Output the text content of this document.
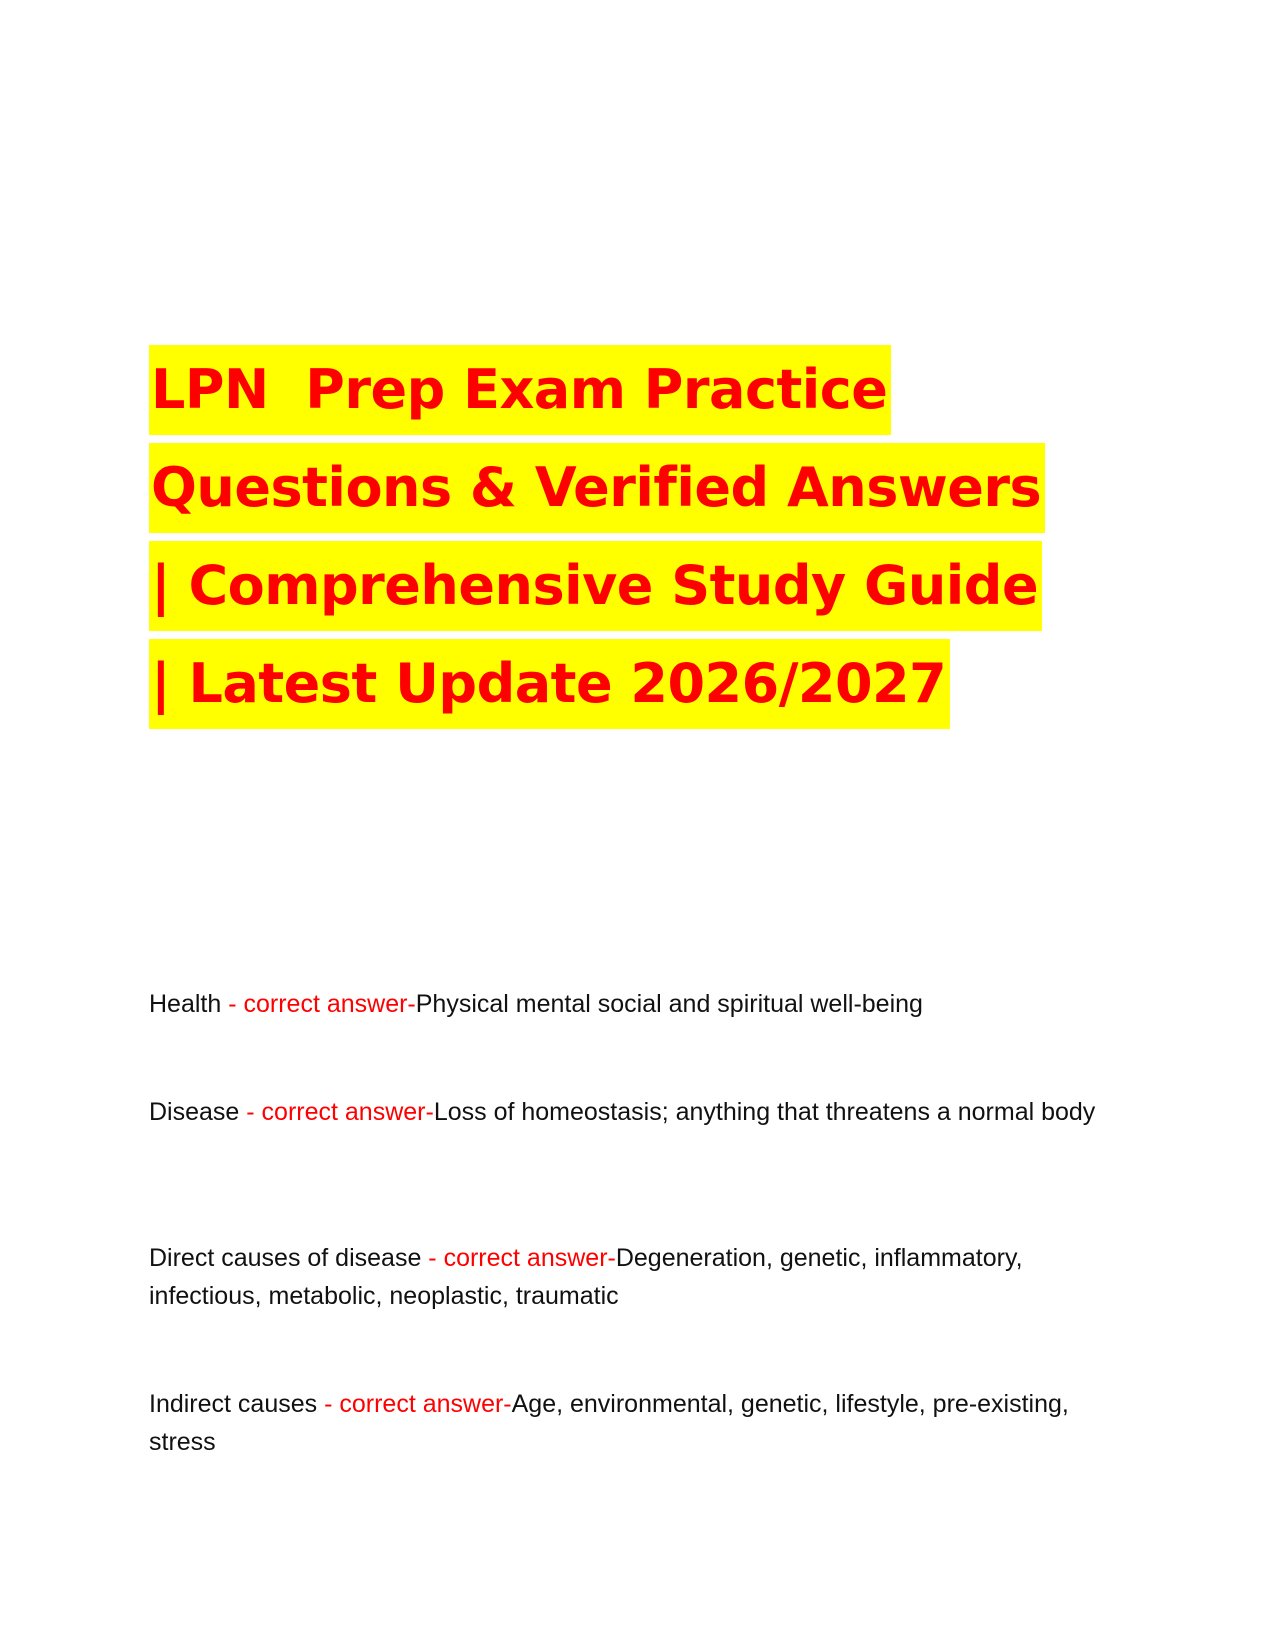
LPN  Prep Exam Practice
Questions & Verified Answers
| Comprehensive Study Guide
| Latest Update 2026/2027
Health - correct answer-Physical mental social and spiritual well-being
Disease - correct answer-Loss of homeostasis; anything that threatens a normal body
Direct causes of disease - correct answer-Degeneration, genetic, inflammatory, infectious, metabolic, neoplastic, traumatic
Indirect causes - correct answer-Age, environmental, genetic, lifestyle, pre-existing, stress
